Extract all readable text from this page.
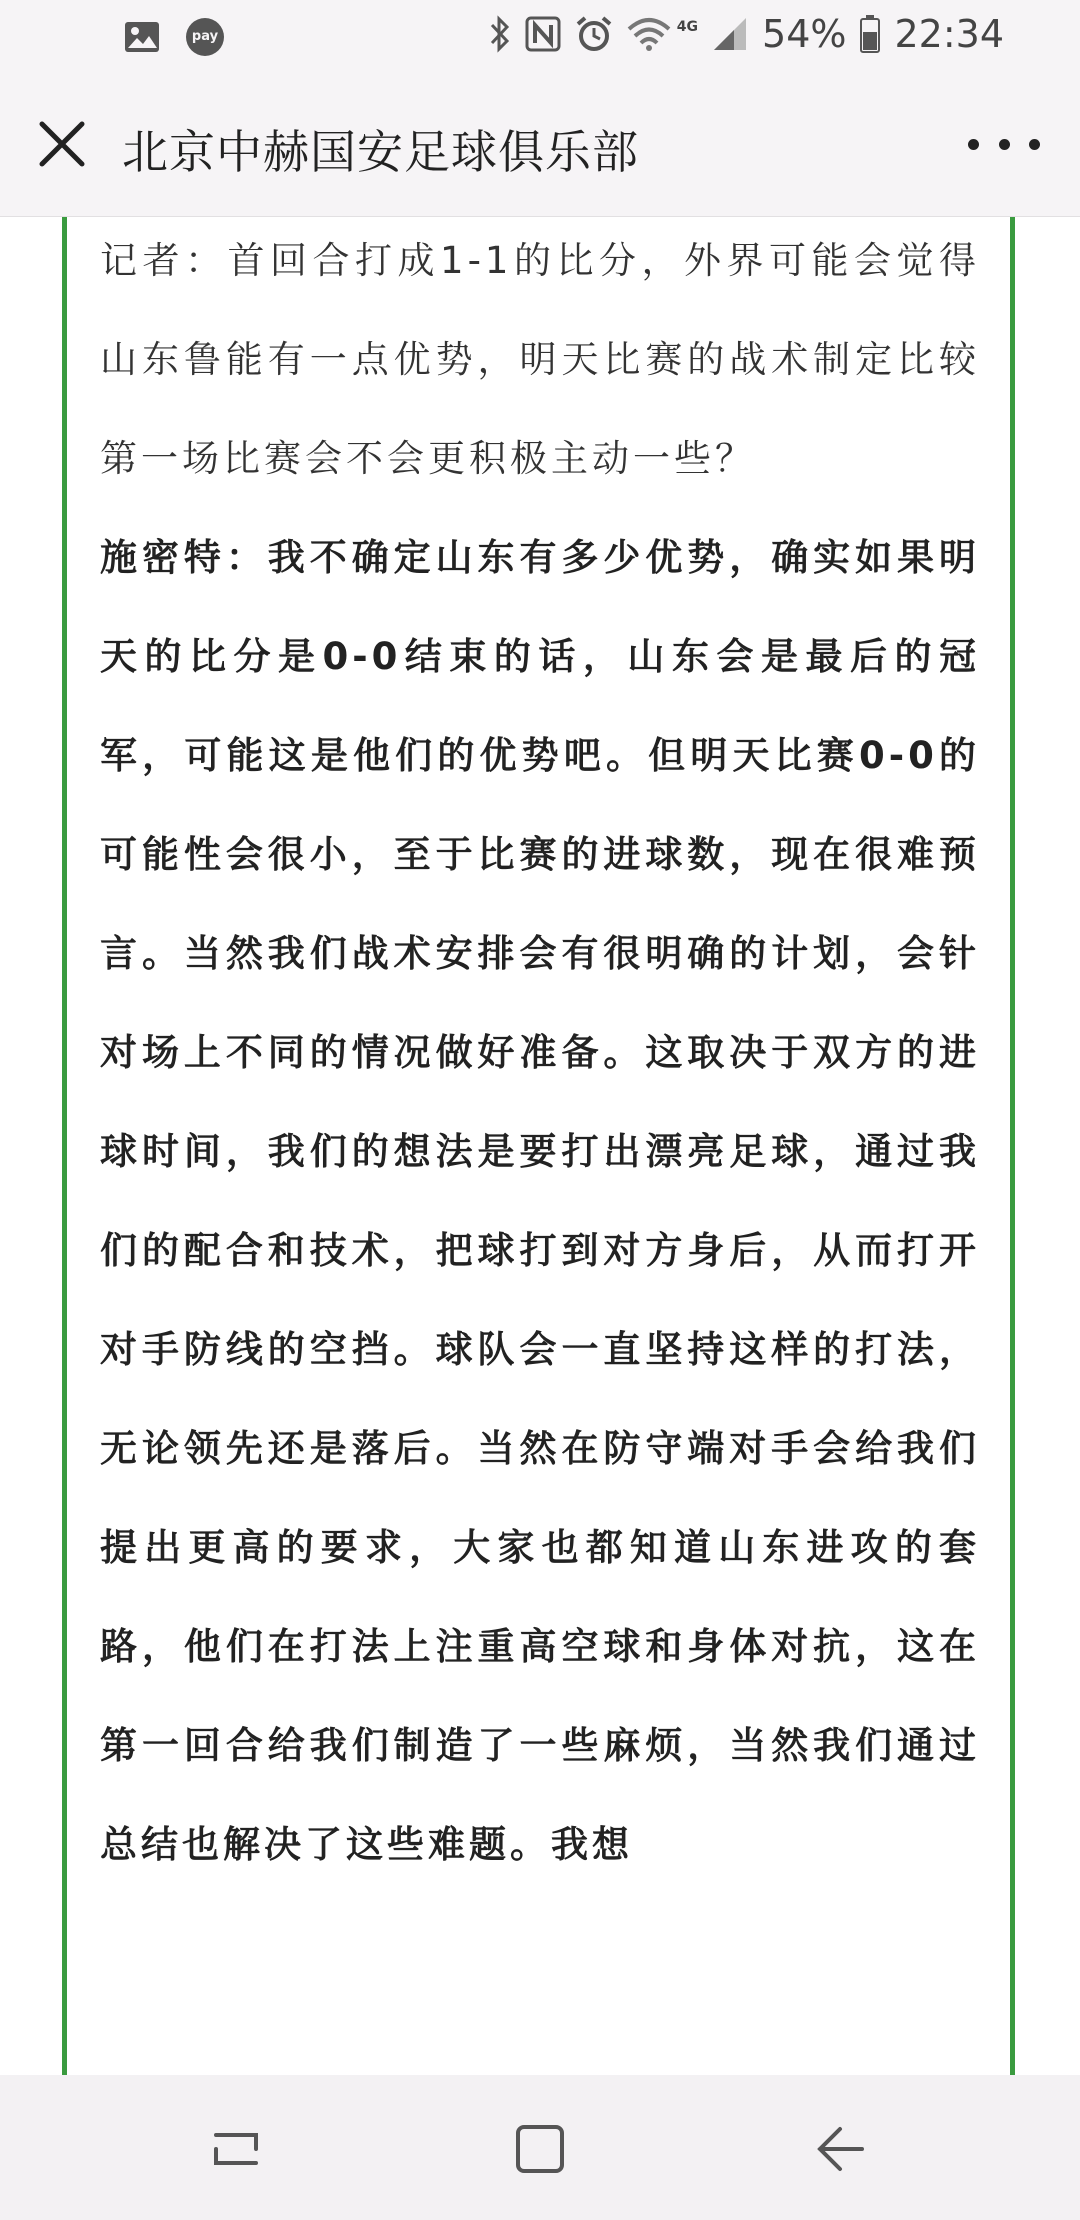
pay
4G 54% 22:34
北京中赫国安足球俱乐部

记者：首回合打成1-1的比分，外界可能会觉得山东鲁能有一点优势，明天比赛的战术制定比较第一场比赛会不会更积极主动一些？

施密特：我不确定山东有多少优势，确实如果明天的比分是0-0结束的话，山东会是最后的冠军，可能这是他们的优势吧。但明天比赛0-0的可能性会很小，至于比赛的进球数，现在很难预言。当然我们战术安排会有很明确的计划，会针对场上不同的情况做好准备。这取决于双方的进球时间，我们的想法是要打出漂亮足球，通过我们的配合和技术，把球打到对方身后，从而打开对手防线的空挡。球队会一直坚持这样的打法，无论领先还是落后。当然在防守端对手会给我们提出更高的要求，大家也都知道山东进攻的套路，他们在打法上注重高空球和身体对抗，这在第一回合给我们制造了一些麻烦，当然我们通过总结也解决了这些难题。我想
